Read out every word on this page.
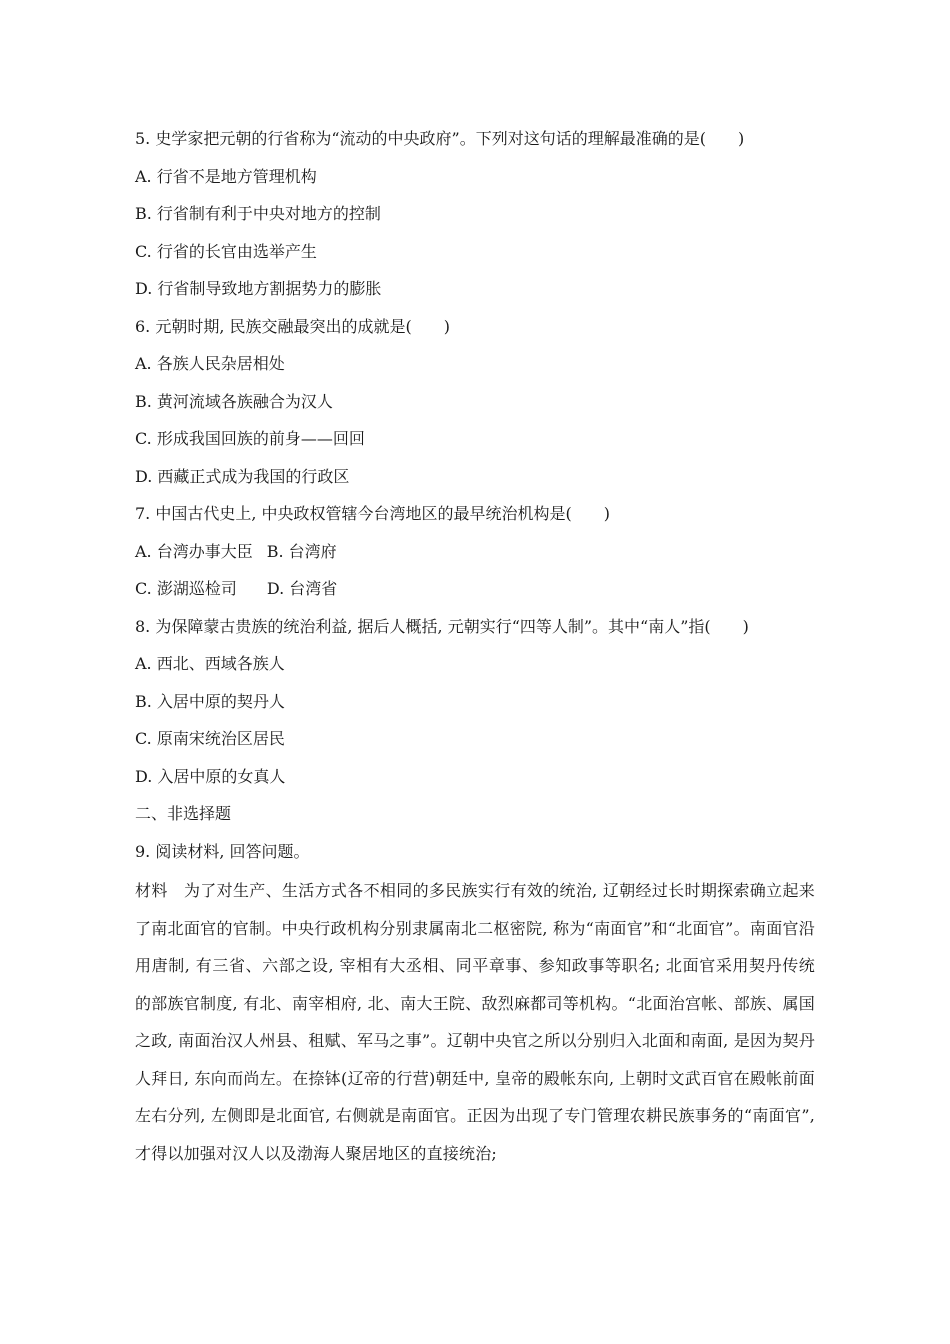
5. 史学家把元朝的行省称为“流动的中央政府”。下列对这句话的理解最准确的是(　　)
A. 行省不是地方管理机构
B. 行省制有利于中央对地方的控制
C. 行省的长官由选举产生
D. 行省制导致地方割据势力的膨胀
6. 元朝时期, 民族交融最突出的成就是(　　)
A. 各族人民杂居相处
B. 黄河流域各族融合为汉人
C. 形成我国回族的前身——回回
D. 西藏正式成为我国的行政区
7. 中国古代史上, 中央政权管辖今台湾地区的最早统治机构是(　　)
A. 台湾办事大臣 B. 台湾府
C. 澎湖巡检司 D. 台湾省
8. 为保障蒙古贵族的统治利益, 据后人概括, 元朝实行“四等人制”。其中“南人”指(　　)
A. 西北、西域各族人
B. 入居中原的契丹人
C. 原南宋统治区居民
D. 入居中原的女真人
二、非选择题
9. 阅读材料, 回答问题。

材料　为了对生产、生活方式各不相同的多民族实行有效的统治, 辽朝经过长时期探索确立起来了南北面官的官制。中央行政机构分别隶属南北二枢密院, 称为“南面官”和“北面官”。南面官沿用唐制, 有三省、六部之设, 宰相有大丞相、同平章事、参知政事等职名; 北面官采用契丹传统的部族官制度, 有北、南宰相府, 北、南大王院、敌烈麻都司等机构。“北面治宫帐、部族、属国之政, 南面治汉人州县、租赋、军马之事”。辽朝中央官之所以分别归入北面和南面, 是因为契丹人拜日, 东向而尚左。在捺钵(辽帝的行营)朝廷中, 皇帝的殿帐东向, 上朝时文武百官在殿帐前面左右分列, 左侧即是北面官, 右侧就是南面官。正因为出现了专门管理农耕民族事务的“南面官”, 才得以加强对汉人以及渤海人聚居地区的直接统治;
